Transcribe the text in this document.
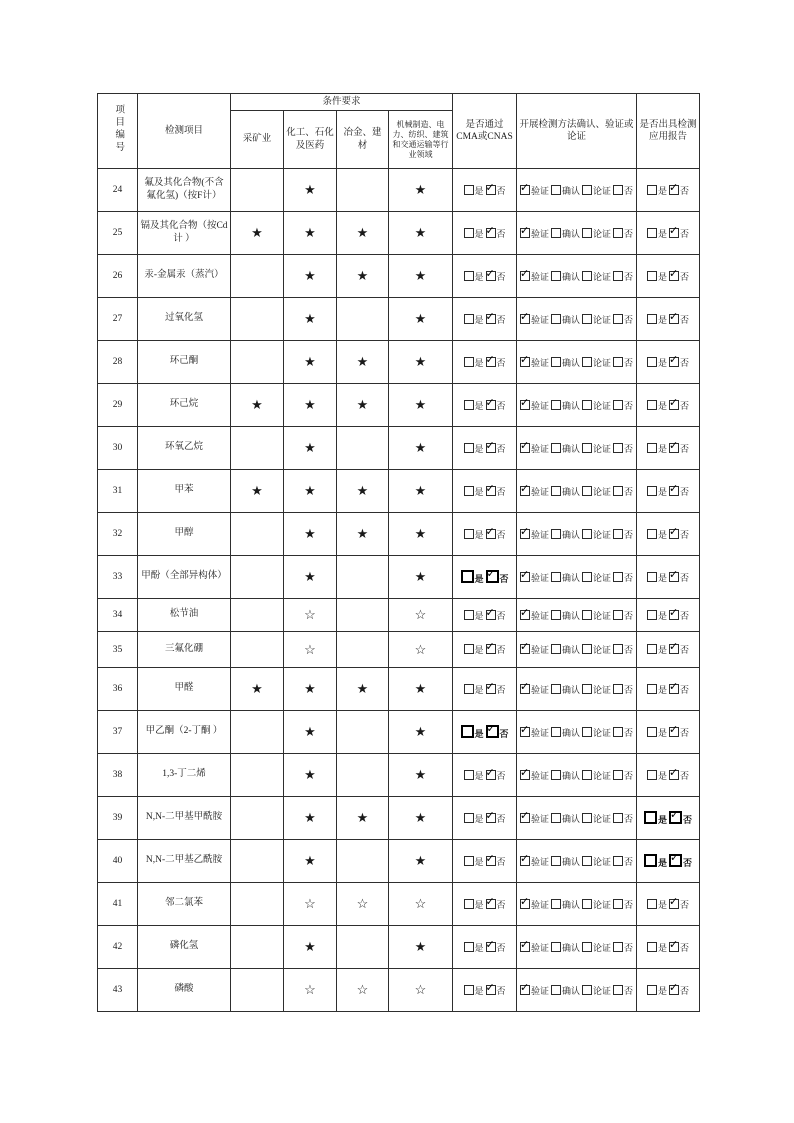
项目编号	检测项目	条件要求				是否通过CMA或CNAS	开展检测方法确认、验证或论证	是否出具检测应用报告
		采矿业	化工、石化及医药	冶金、建材	机械制造、电力、纺织、建筑和交通运输等行业领域			
24	氟及其化合物(不含氟化氢)（按F计）		★		★	是 ✓ 否	✓验证 确认 论证 否	是 ✓ 否
25	镉及其化合物（按Cd计 ）	★	★	★	★	是 ✓ 否	✓验证 确认 论证 否	是 ✓ 否
26	汞-金属汞（蒸汽）		★	★	★	是 ✓ 否	✓验证 确认 论证 否	是 ✓ 否
27	过氧化氢		★		★	是 ✓ 否	✓验证 确认 论证 否	是 ✓ 否
28	环己酮		★	★	★	是 ✓ 否	✓验证 确认 论证 否	是 ✓ 否
29	环己烷	★	★	★	★	是 ✓ 否	✓验证 确认 论证 否	是 ✓ 否
30	环氧乙烷		★		★	是 ✓ 否	✓验证 确认 论证 否	是 ✓ 否
31	甲苯	★	★	★	★	是 ✓ 否	✓验证 确认 论证 否	是 ✓ 否
32	甲醇		★	★	★	是 ✓ 否	✓验证 确认 论证 否	是 ✓ 否
33	甲酚（全部异构体）		★		★	是 ✓ 否	✓验证 确认 论证 否	是 ✓ 否
34	松节油		☆		☆	是 ✓ 否	✓验证 确认 论证 否	是 ✓ 否
35	三氟化硼		☆		☆	是 ✓ 否	✓验证 确认 论证 否	是 ✓ 否
36	甲醛	★	★	★	★	是 ✓ 否	✓验证 确认 论证 否	是 ✓ 否
37	甲乙酮（2-丁酮 ）		★		★	是 ✓ 否	✓验证 确认 论证 否	是 ✓ 否
38	1,3-丁二烯		★		★	是 ✓ 否	✓验证 确认 论证 否	是 ✓ 否
39	N,N-二甲基甲酰胺		★	★	★	是 ✓ 否	✓验证 确认 论证 否	是 ✓ 否
40	N,N-二甲基乙酰胺		★		★	是 ✓ 否	✓验证 确认 论证 否	是 ✓ 否
41	邻二氯苯		☆	☆	☆	是 ✓ 否	✓验证 确认 论证 否	是 ✓ 否
42	磷化氢		★		★	是 ✓ 否	✓验证 确认 论证 否	是 ✓ 否
43	磷酸		☆	☆	☆	是 ✓ 否	✓验证 确认 论证 否	是 ✓ 否
